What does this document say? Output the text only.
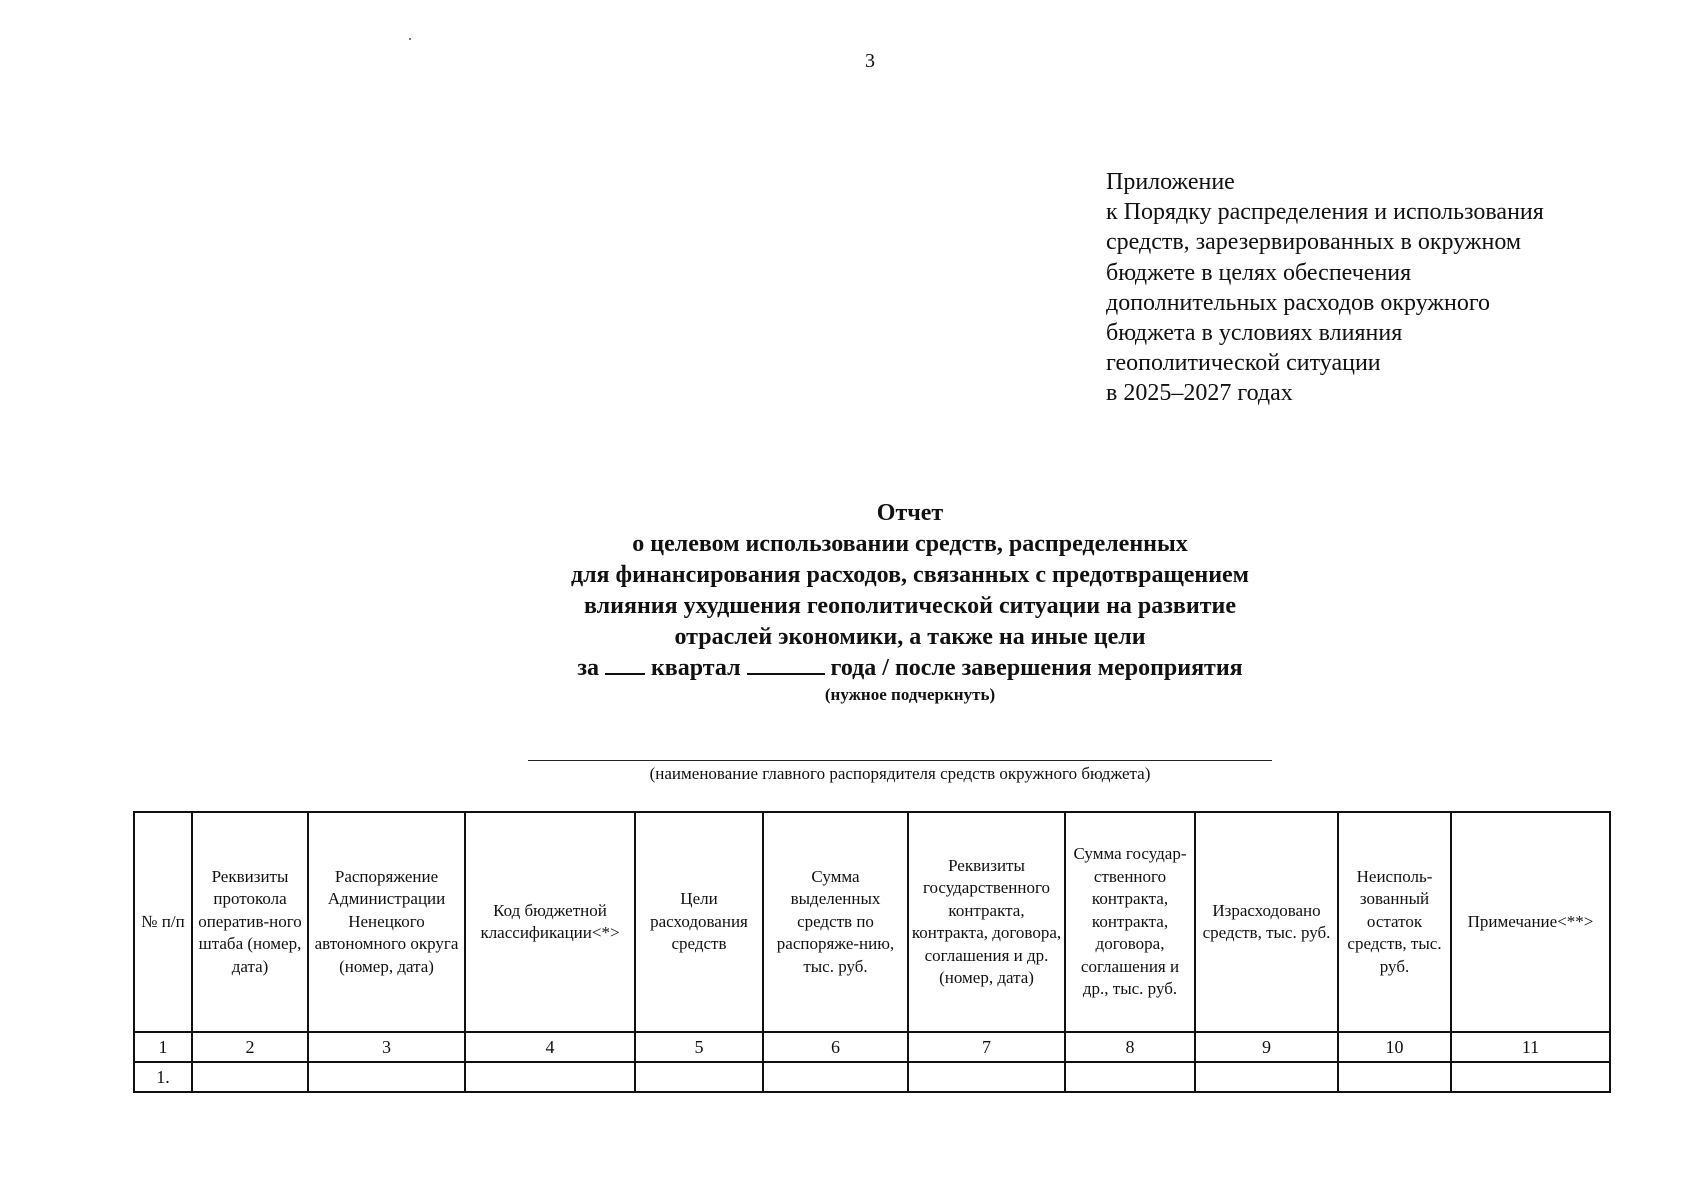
3
Приложение
к Порядку распределения и использования
средств, зарезервированных в окружном
бюджете в целях обеспечения
дополнительных расходов окружного
бюджета в условиях влияния
геополитической ситуации
в 2025–2027 годах
Отчет
о целевом использовании средств, распределенных
для финансирования расходов, связанных с предотвращением
влияния ухудшения геополитической ситуации на развитие
отраслей экономики, а также на иные цели
за квартал	года / после завершения мероприятия
(нужное подчеркнуть)
(наименование главного распорядителя средств окружного бюджета)
№ п/п	Реквизиты протокола оператив-ного штаба (номер, дата)	Распоряжение Администрации Ненецкого автономного округа (номер, дата)	Код бюджетной классификации<*>	Цели расходования средств	Сумма выделенных средств по распоряже-нию, тыс. руб.	Реквизиты государственного контракта, контракта, договора, соглашения и др. (номер, дата)	Сумма государ-ственного контракта, контракта, договора, соглашения и др., тыс. руб.	Израсходовано средств, тыс. руб.	Неисполь-зованный остаток средств, тыс. руб.	Примечание<**>
1	2	3	4	5	6	7	8	9	10	11
1.										
